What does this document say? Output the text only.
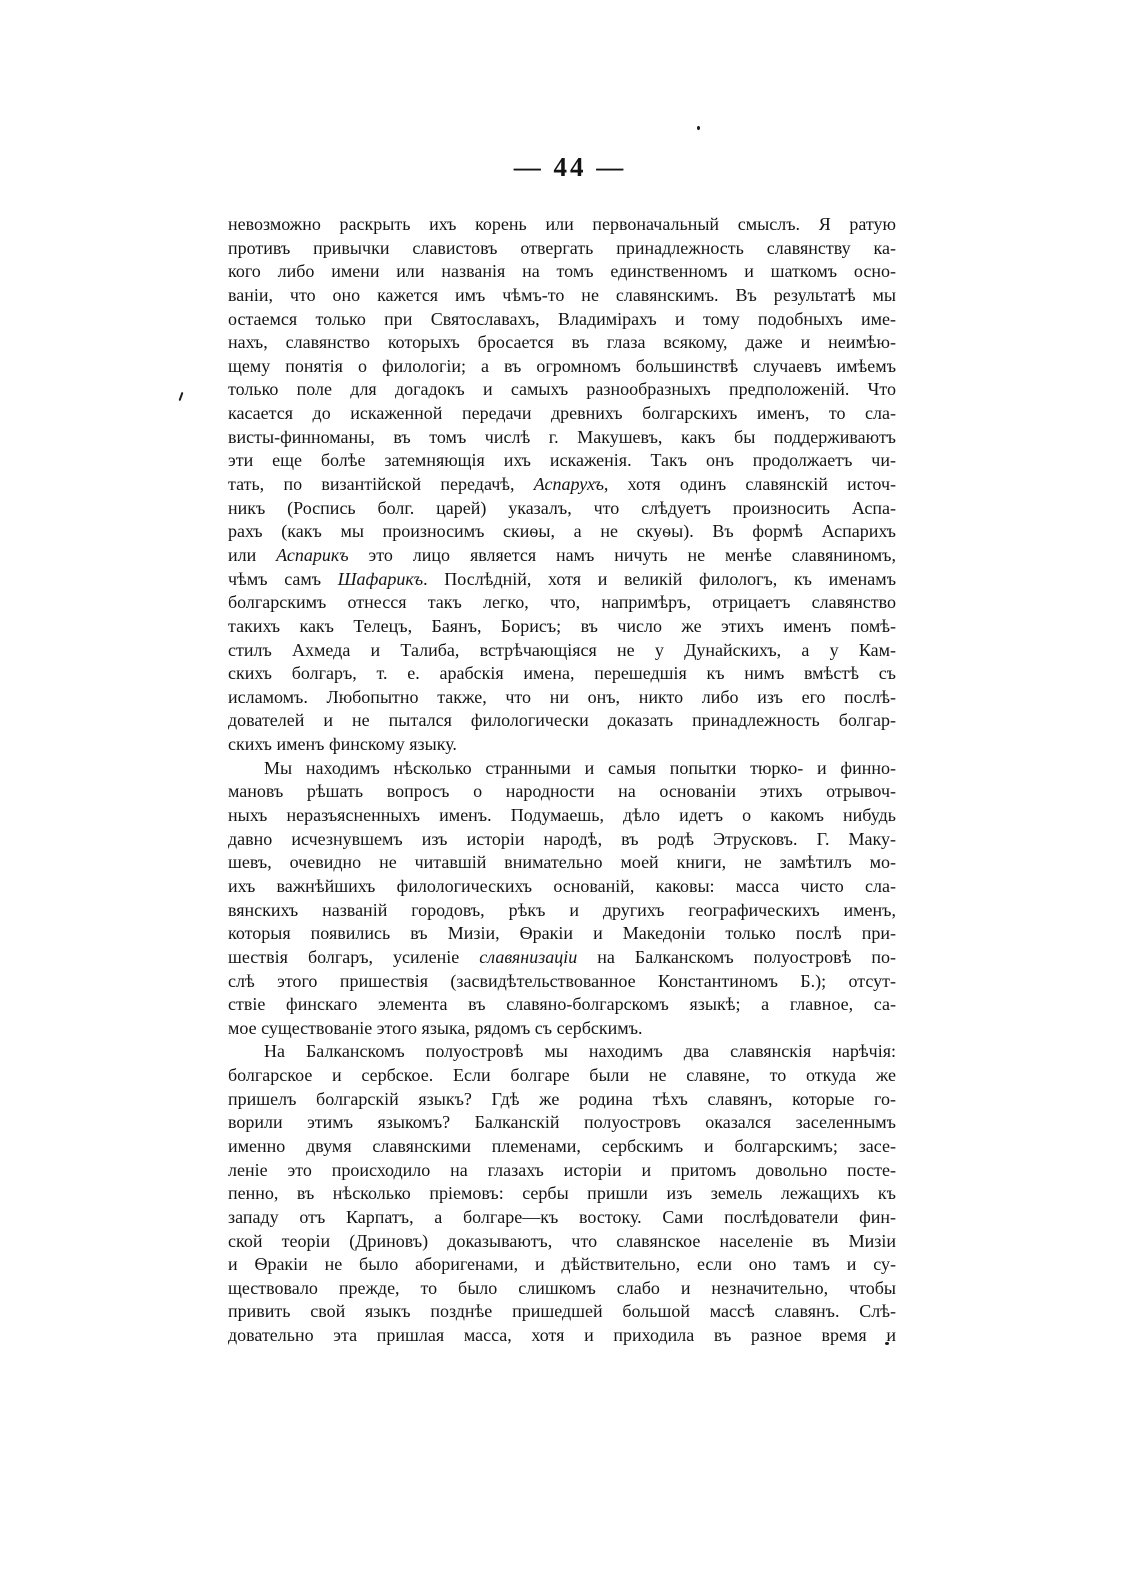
— 44 —
невозможно раскрыть ихъ корень или первоначальный смыслъ. Я ратую
противъ привычки славистовъ отвергать принадлежность славянству ка-
кого либо имени или названія на томъ единственномъ и шаткомъ осно-
ваніи, что оно кажется имъ чѣмъ-то не славянскимъ. Въ результатѣ мы
остаемся только при Святославахъ, Владимірахъ и тому подобныхъ име-
нахъ, славянство которыхъ бросается въ глаза всякому, даже и неимѣю-
щему понятія о филологіи; а въ огромномъ большинствѣ случаевъ имѣемъ
только поле для догадокъ и самыхъ разнообразныхъ предположеній. Что
касается до искаженной передачи древнихъ болгарскихъ именъ, то сла-
висты-финноманы, въ томъ числѣ г. Макушевъ, какъ бы поддерживаютъ
эти еще болѣе затемняющія ихъ искаженія. Такъ онъ продолжаетъ чи-
тать, по византійской передачѣ, Аспарухъ, хотя одинъ славянскій источ-
никъ (Роспись болг. царей) указалъ, что слѣдуетъ произносить Аспа-
рахъ (какъ мы произносимъ скиѳы, а не скуѳы). Въ формѣ Аспарихъ
или Аспарикъ это лицо является намъ ничуть не менѣе славяниномъ,
чѣмъ самъ Шафарикъ. Послѣдній, хотя и великій филологъ, къ именамъ
болгарскимъ отнесся такъ легко, что, напримѣръ, отрицаетъ славянство
такихъ какъ Телецъ, Баянъ, Борисъ; въ число же этихъ именъ помѣ-
стилъ Ахмеда и Талиба, встрѣчающіяся не у Дунайскихъ, а у Кам-
скихъ болгаръ, т. е. арабскія имена, перешедшія къ нимъ вмѣстѣ съ
исламомъ. Любопытно также, что ни онъ, никто либо изъ его послѣ-
дователей и не пытался филологически доказать принадлежность болгар-
скихъ именъ финскому языку.
Мы находимъ нѣсколько странными и самыя попытки тюрко- и финно-
мановъ рѣшать вопросъ о народности на основаніи этихъ отрывоч-
ныхъ неразъясненныхъ именъ. Подумаешь, дѣло идетъ о какомъ нибудь
давно исчезнувшемъ изъ исторіи народѣ, въ родѣ Этрусковъ. Г. Маку-
шевъ, очевидно не читавшій внимательно моей книги, не замѣтилъ мо-
ихъ важнѣйшихъ филологическихъ основаній, каковы: масса чисто сла-
вянскихъ названій городовъ, рѣкъ и другихъ географическихъ именъ,
которыя появились въ Мизіи, Ѳракіи и Македоніи только послѣ при-
шествія болгаръ, усиленіе славянизаціи на Балканскомъ полуостровѣ по-
слѣ этого пришествія (засвидѣтельствованное Константиномъ Б.); отсут-
ствіе финскаго элемента въ славяно-болгарскомъ языкѣ; а главное, са-
мое существованіе этого языка, рядомъ съ сербскимъ.
На Балканскомъ полуостровѣ мы находимъ два славянскія нарѣчія:
болгарское и сербское. Если болгаре были не славяне, то откуда же
пришелъ болгарскій языкъ? Гдѣ же родина тѣхъ славянъ, которые го-
ворили этимъ языкомъ? Балканскій полуостровъ оказался заселеннымъ
именно двумя славянскими племенами, сербскимъ и болгарскимъ; засе-
леніе это происходило на глазахъ исторіи и притомъ довольно посте-
пенно, въ нѣсколько пріемовъ: сербы пришли изъ земель лежащихъ къ
западу отъ Карпатъ, а болгаре—къ востоку. Сами послѣдователи фин-
ской теоріи (Дриновъ) доказываютъ, что славянское населеніе въ Мизіи
и Ѳракіи не было аборигенами, и дѣйствительно, если оно тамъ и су-
ществовало прежде, то было слишкомъ слабо и незначительно, чтобы
привить свой языкъ позднѣе пришедшей большой массѣ славянъ. Слѣ-
довательно эта пришлая масса, хотя и приходила въ разное время и
